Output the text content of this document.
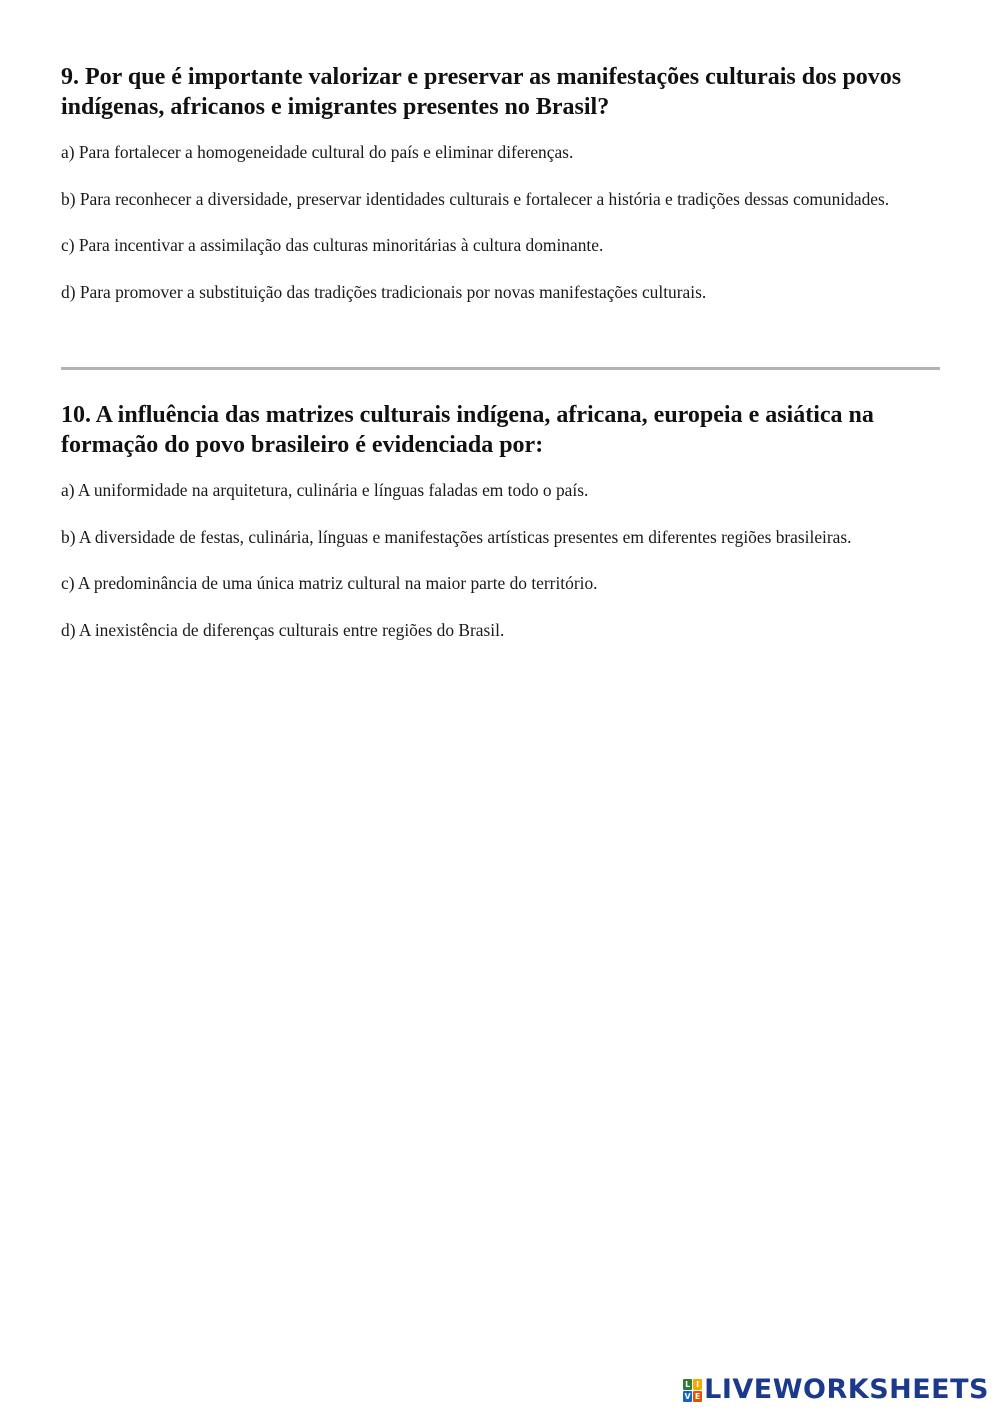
9. Por que é importante valorizar e preservar as manifestações culturais dos povos indígenas, africanos e imigrantes presentes no Brasil?

a) Para fortalecer a homogeneidade cultural do país e eliminar diferenças.

b) Para reconhecer a diversidade, preservar identidades culturais e fortalecer a história e tradições dessas comunidades.

c) Para incentivar a assimilação das culturas minoritárias à cultura dominante.

d) Para promover a substituição das tradições tradicionais por novas manifestações culturais.

10. A influência das matrizes culturais indígena, africana, europeia e asiática na formação do povo brasileiro é evidenciada por:

a) A uniformidade na arquitetura, culinária e línguas faladas em todo o país.

b) A diversidade de festas, culinária, línguas e manifestações artísticas presentes em diferentes regiões brasileiras.

c) A predominância de uma única matriz cultural na maior parte do território.

d) A inexistência de diferenças culturais entre regiões do Brasil.

L I
V E LIVEWORKSHEETS
